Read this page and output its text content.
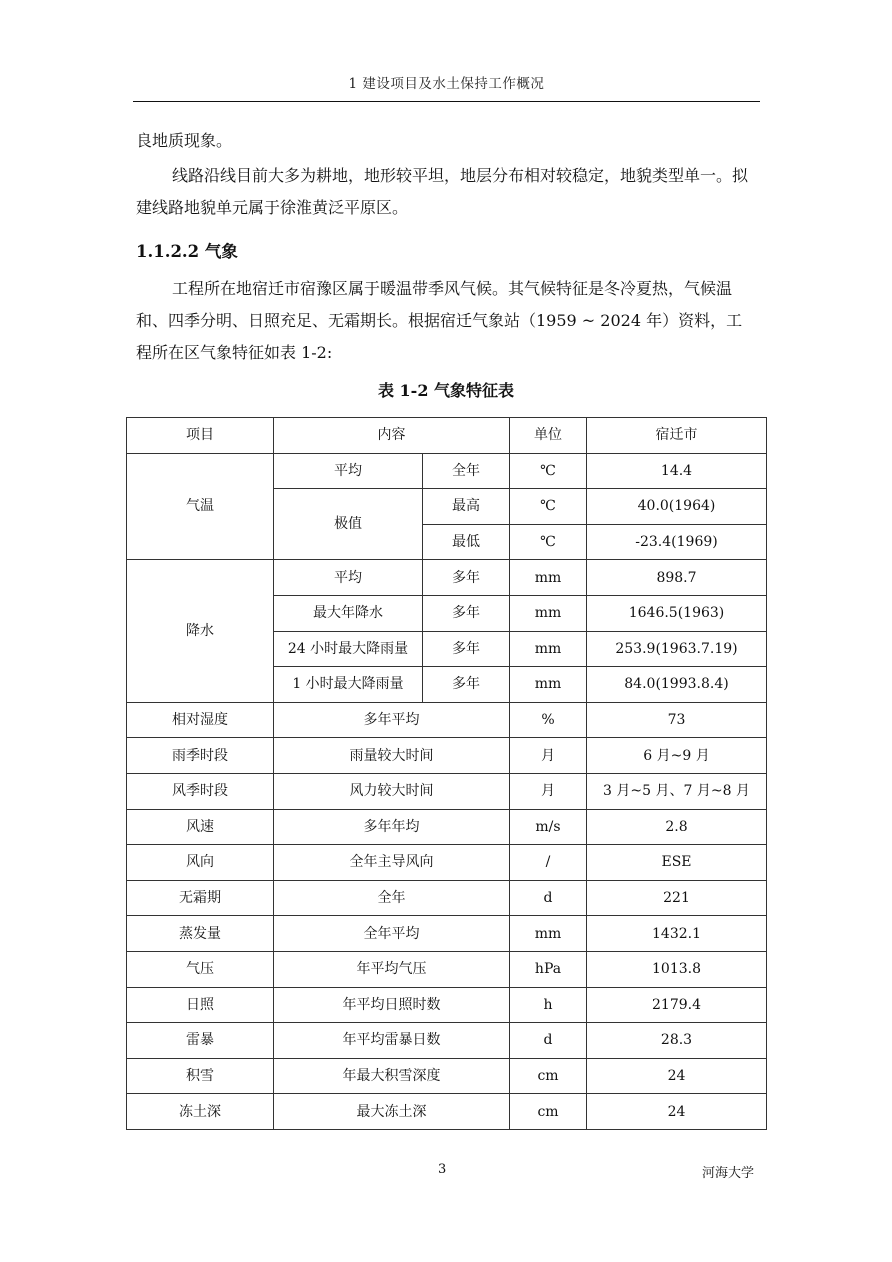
1 建设项目及水土保持工作概况

良地质现象。

线路沿线目前大多为耕地，地形较平坦，地层分布相对较稳定，地貌类型单一。拟建线路地貌单元属于徐淮黄泛平原区。

1.1.2.2 气象

工程所在地宿迁市宿豫区属于暖温带季风气候。其气候特征是冬冷夏热，气候温和、四季分明、日照充足、无霜期长。根据宿迁气象站（1959 ~ 2024 年）资料，工程所在区气象特征如表 1-2:

表 1-2 气象特征表

项目	内容		单位	宿迁市
气温	平均	全年	℃	14.4
	极值	最高	℃	40.0(1964)
		最低	℃	-23.4(1969)
降水	平均	多年	mm	898.7
	最大年降水	多年	mm	1646.5(1963)
	24 小时最大降雨量	多年	mm	253.9(1963.7.19)
	1 小时最大降雨量	多年	mm	84.0(1993.8.4)
相对湿度	多年平均		%	73
雨季时段	雨量较大时间		月	6 月~9 月
风季时段	风力较大时间		月	3 月~5 月、7 月~8 月
风速	多年年均		m/s	2.8
风向	全年主导风向		/	ESE
无霜期	全年		d	221
蒸发量	全年平均		mm	1432.1
气压	年平均气压		hPa	1013.8
日照	年平均日照时数		h	2179.4
雷暴	年平均雷暴日数		d	28.3
积雪	年最大积雪深度		cm	24
冻土深	最大冻土深		cm	24
3	河海大学
